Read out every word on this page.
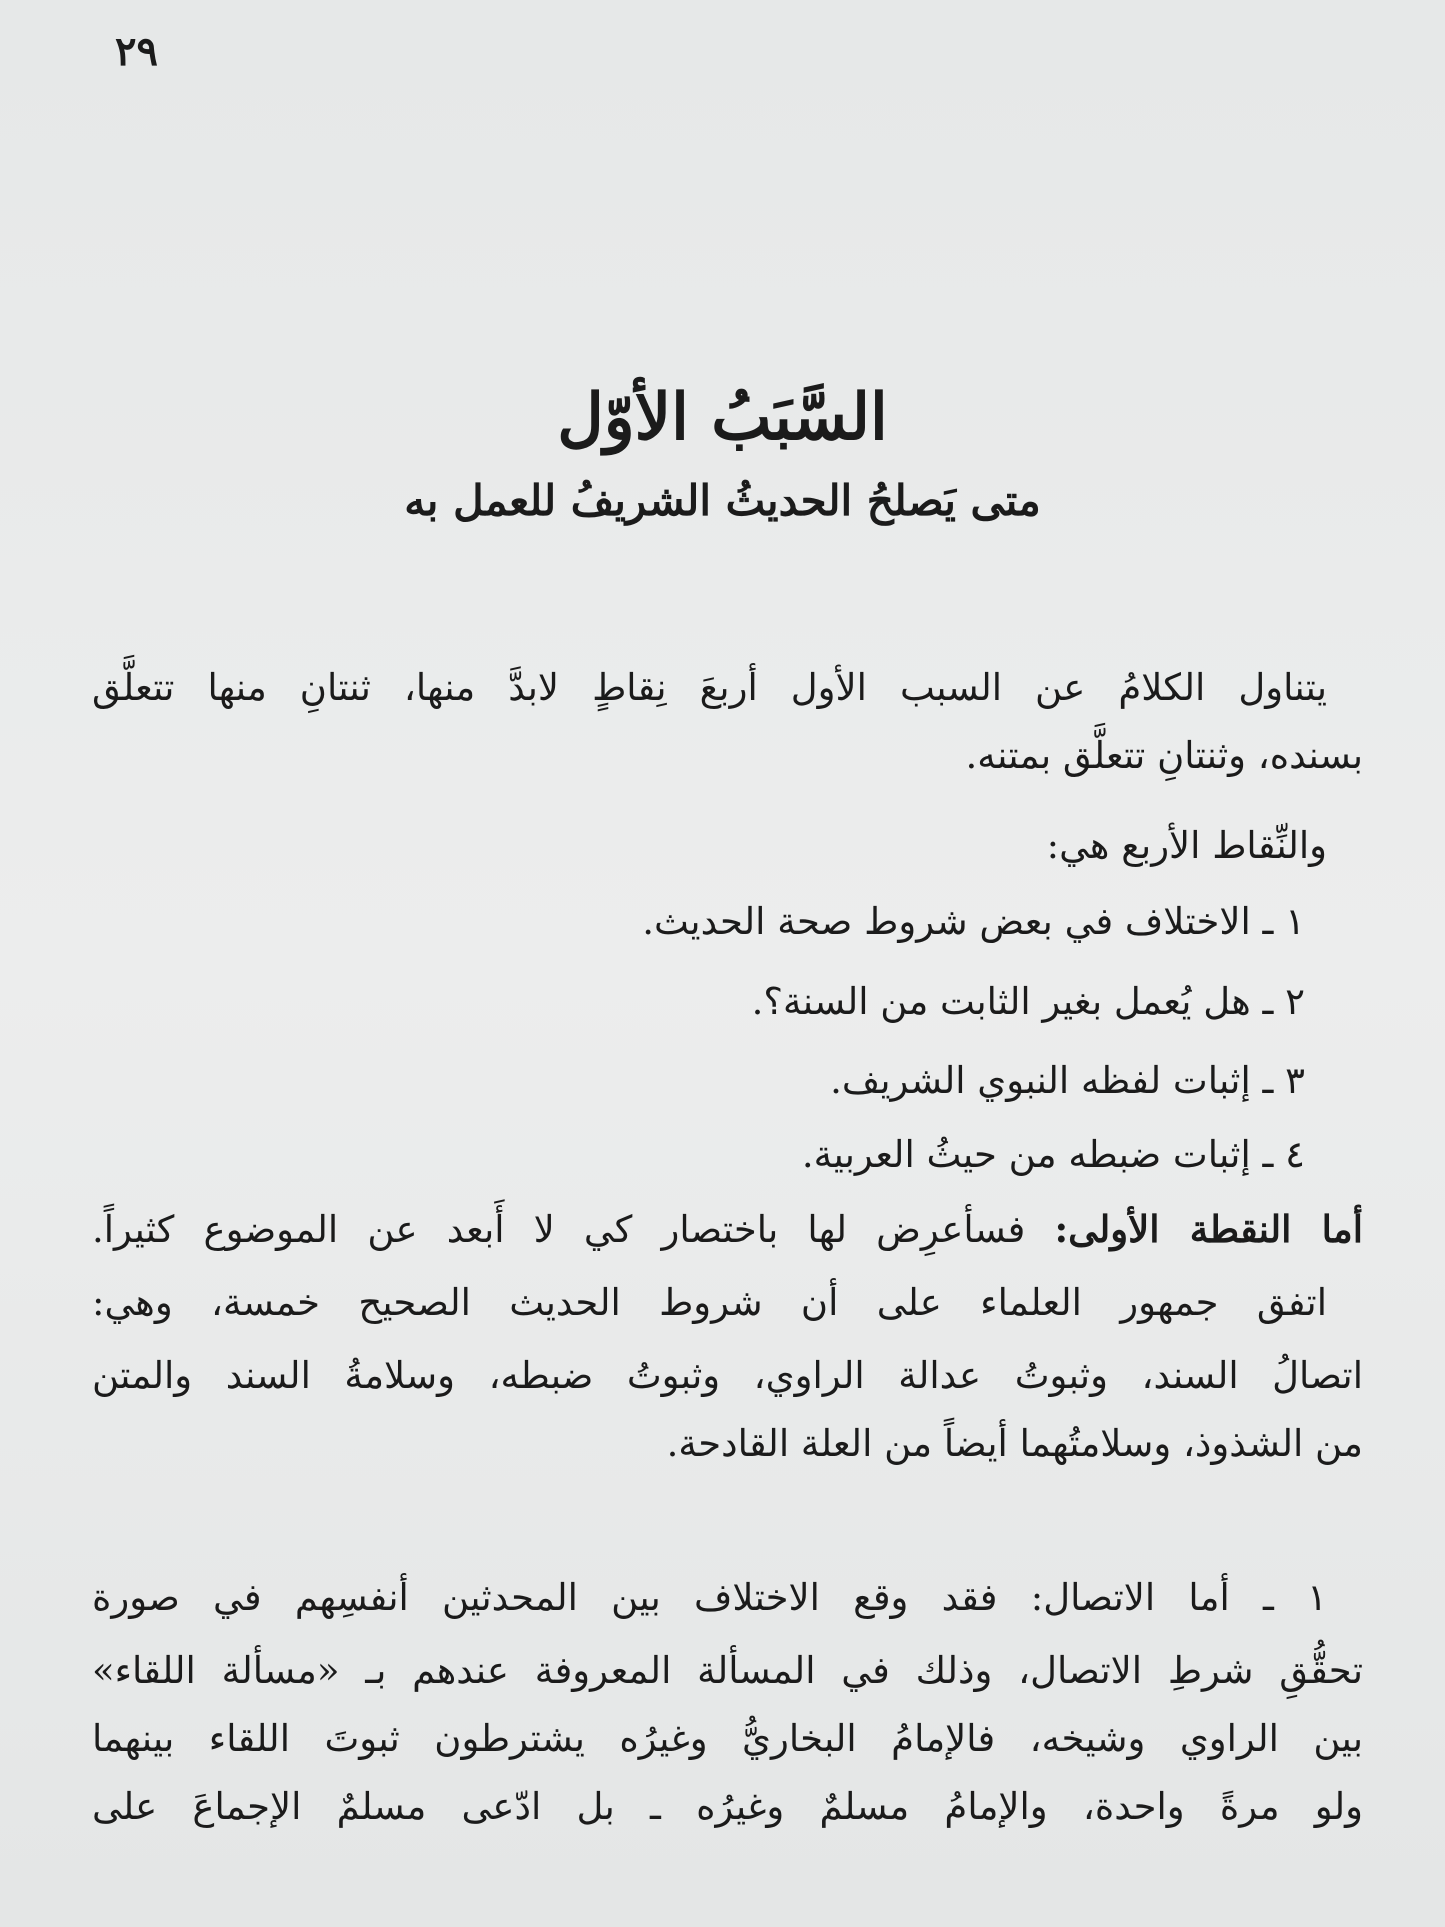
٢٩
السَّبَبُ الأوّل
متى يَصلحُ الحديثُ الشريفُ للعمل به
يتناول الكلامُ عن السبب الأول أربعَ نِقاطٍ لابدَّ منها، ثنتانِ منها تتعلَّق
بسنده، وثنتانِ تتعلَّق بمتنه.
والنِّقاط الأربع هي:
١ ـ الاختلاف في بعض شروط صحة الحديث.
٢ ـ هل يُعمل بغير الثابت من السنة؟.
٣ ـ إثبات لفظه النبوي الشريف.
٤ ـ إثبات ضبطه من حيثُ العربية.
أما النقطة الأولى: فسأعرِض لها باختصار كي لا أَبعد عن الموضوع كثيراً.
اتفق جمهور العلماء على أن شروط الحديث الصحيح خمسة، وهي:
اتصالُ السند، وثبوتُ عدالة الراوي، وثبوتُ ضبطه، وسلامةُ السند والمتن
من الشذوذ، وسلامتُهما أيضاً من العلة القادحة.
١ ـ أما الاتصال: فقد وقع الاختلاف بين المحدثين أنفسِهم في صورة
تحقُّقِ شرطِ الاتصال، وذلك في المسألة المعروفة عندهم بـ «مسألة اللقاء»
بين الراوي وشيخه، فالإمامُ البخاريُّ وغيرُه يشترطون ثبوتَ اللقاء بينهما
ولو مرةً واحدة، والإمامُ مسلمٌ وغيرُه ـ بل ادّعى مسلمٌ الإجماعَ على
